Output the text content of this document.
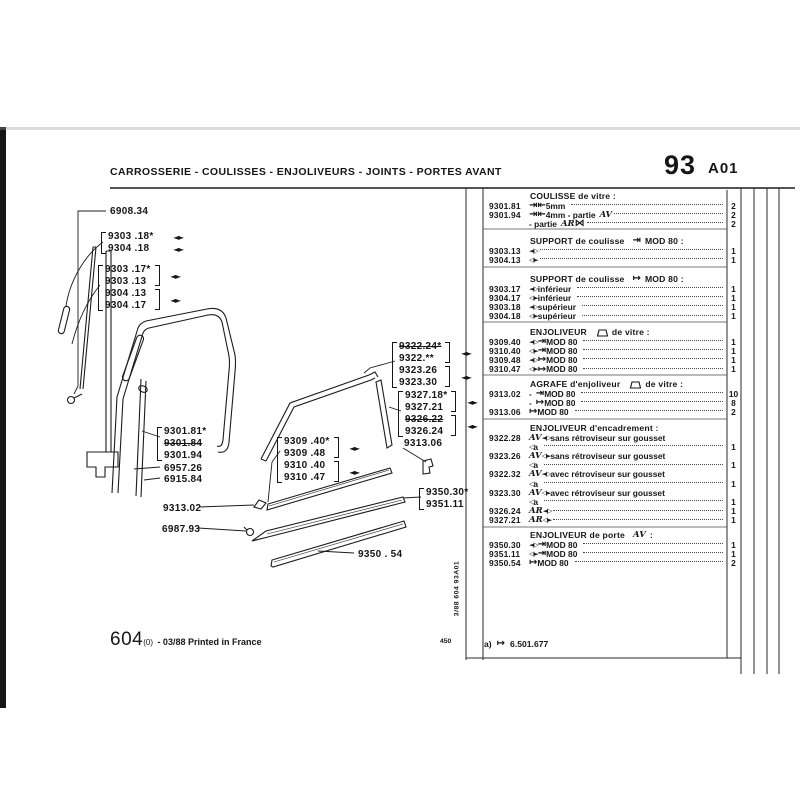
CARROSSERIE - COULISSES - ENJOLIVEURS - JOINTS - PORTES AVANT	93 A01
6908.34
9303 .18*
9304 .18
◄►
◄►
9303 .17*
9303 .13
9304 .13
9304 .17
◄►
◄►
9301.81*
9301.84
9301.94
6957.26
6915.84
9309 .40*
9309 .48
9310 .40
9310 .47
◄►
◄►
9313.06
9322.24*
9322.**
9323.26
9323.30
◄►
◄►
9327.18*
9327.21
9326.22
9326.24
◄►
◄►
9313.02
6987.93
9350.30*
9351.11
9350 . 54
COULISSE de vitre :
9301.81 ⇥⇤ 5mm	2
9301.94 ⇥⇤ 4mm - partie AV	2
- partie AR ⋈	2
SUPPORT de coulisse ⇥ MOD 80 :
9303.13	◄▷	1
9304.13	◁►	1
SUPPORT de coulisse ↦ MOD 80 :
9303.17	◄▷ inférieur	1
9304.17	◁► inférieur	1
9303.18	◄▷ supérieur	1
9304.18	◁► supérieur	1
ENJOLIVEUR	de vitre :
9309.40	◄▷ ⇥ MOD 80	1
9310.40	◁► ⇥ MOD 80	1
9309.48	◄▷ ↦ MOD 80	1
9310.47	◁► ↦ MOD 80	1
AGRAFE d'enjoliveur	de vitre :
9313.02 - ⇥ MOD 80	10
- ↦ MOD 80	8
9313.06 ↦ MOD 80	2
ENJOLIVEUR d'encadrement :
9322.28 AV ◄▷ sans rétroviseur sur gousset
◁ a	1
9323.26 AV ◁► sans rétroviseur sur gousset
◁ a	1
9322.32 AV ◄▷ avec rétroviseur sur gousset
◁ a	1
9323.30 AV ◁► avec rétroviseur sur gousset
◁ a	1
9326.24 AR ◄▷	1
9327.21 AR ◁►	1
ENJOLIVEUR de porte AV :
9350.30	◄▷ ⇥ MOD 80	1
9351.11	◁► ⇥ MOD 80	1
9350.54 ↦ MOD 80	2
604(0) - 03/88 Printed in France
3/88 604 93A01
450	a) ↦ 6.501.677
